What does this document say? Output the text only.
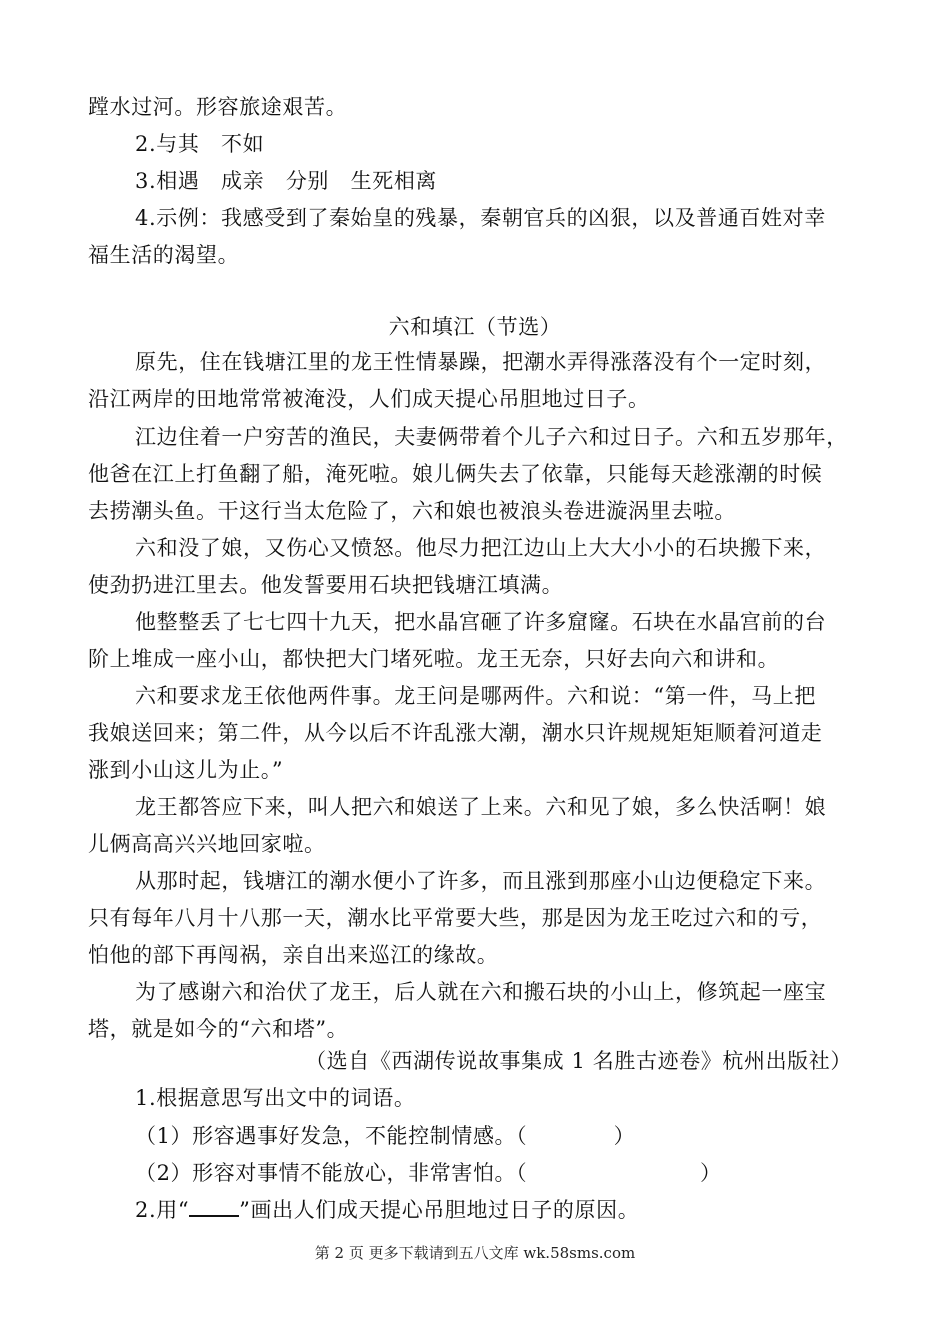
蹚水过河。形容旅途艰苦。
2.与其　不如
3.相遇　成亲　分别　生死相离
4.示例：我感受到了秦始皇的残暴，秦朝官兵的凶狠，以及普通百姓对幸
福生活的渴望。
六和填江（节选）
原先，住在钱塘江里的龙王性情暴躁，把潮水弄得涨落没有个一定时刻，
沿江两岸的田地常常被淹没，人们成天提心吊胆地过日子。
江边住着一户穷苦的渔民，夫妻俩带着个儿子六和过日子。六和五岁那年，
他爸在江上打鱼翻了船，淹死啦。娘儿俩失去了依靠，只能每天趁涨潮的时候
去捞潮头鱼。干这行当太危险了，六和娘也被浪头卷进漩涡里去啦。
六和没了娘，又伤心又愤怒。他尽力把江边山上大大小小的石块搬下来，
使劲扔进江里去。他发誓要用石块把钱塘江填满。
他整整丢了七七四十九天，把水晶宫砸了许多窟窿。石块在水晶宫前的台
阶上堆成一座小山，都快把大门堵死啦。龙王无奈，只好去向六和讲和。
六和要求龙王依他两件事。龙王问是哪两件。六和说：“第一件，马上把
我娘送回来；第二件，从今以后不许乱涨大潮，潮水只许规规矩矩顺着河道走
涨到小山这儿为止。”
龙王都答应下来，叫人把六和娘送了上来。六和见了娘，多么快活啊！娘
儿俩高高兴兴地回家啦。
从那时起，钱塘江的潮水便小了许多，而且涨到那座小山边便稳定下来。
只有每年八月十八那一天，潮水比平常要大些，那是因为龙王吃过六和的亏，
怕他的部下再闯祸，亲自出来巡江的缘故。
为了感谢六和治伏了龙王，后人就在六和搬石块的小山上，修筑起一座宝
塔，就是如今的“六和塔”。
（选自《西湖传说故事集成 1 名胜古迹卷》杭州出版社）
1.根据意思写出文中的词语。
（1）形容遇事好发急，不能控制情感。（　　　　）
（2）形容对事情不能放心，非常害怕。（　　　　　　　　）
2.用“ ”画出人们成天提心吊胆地过日子的原因。
第 2 页 更多下载请到五八文库 wk.58sms.com
